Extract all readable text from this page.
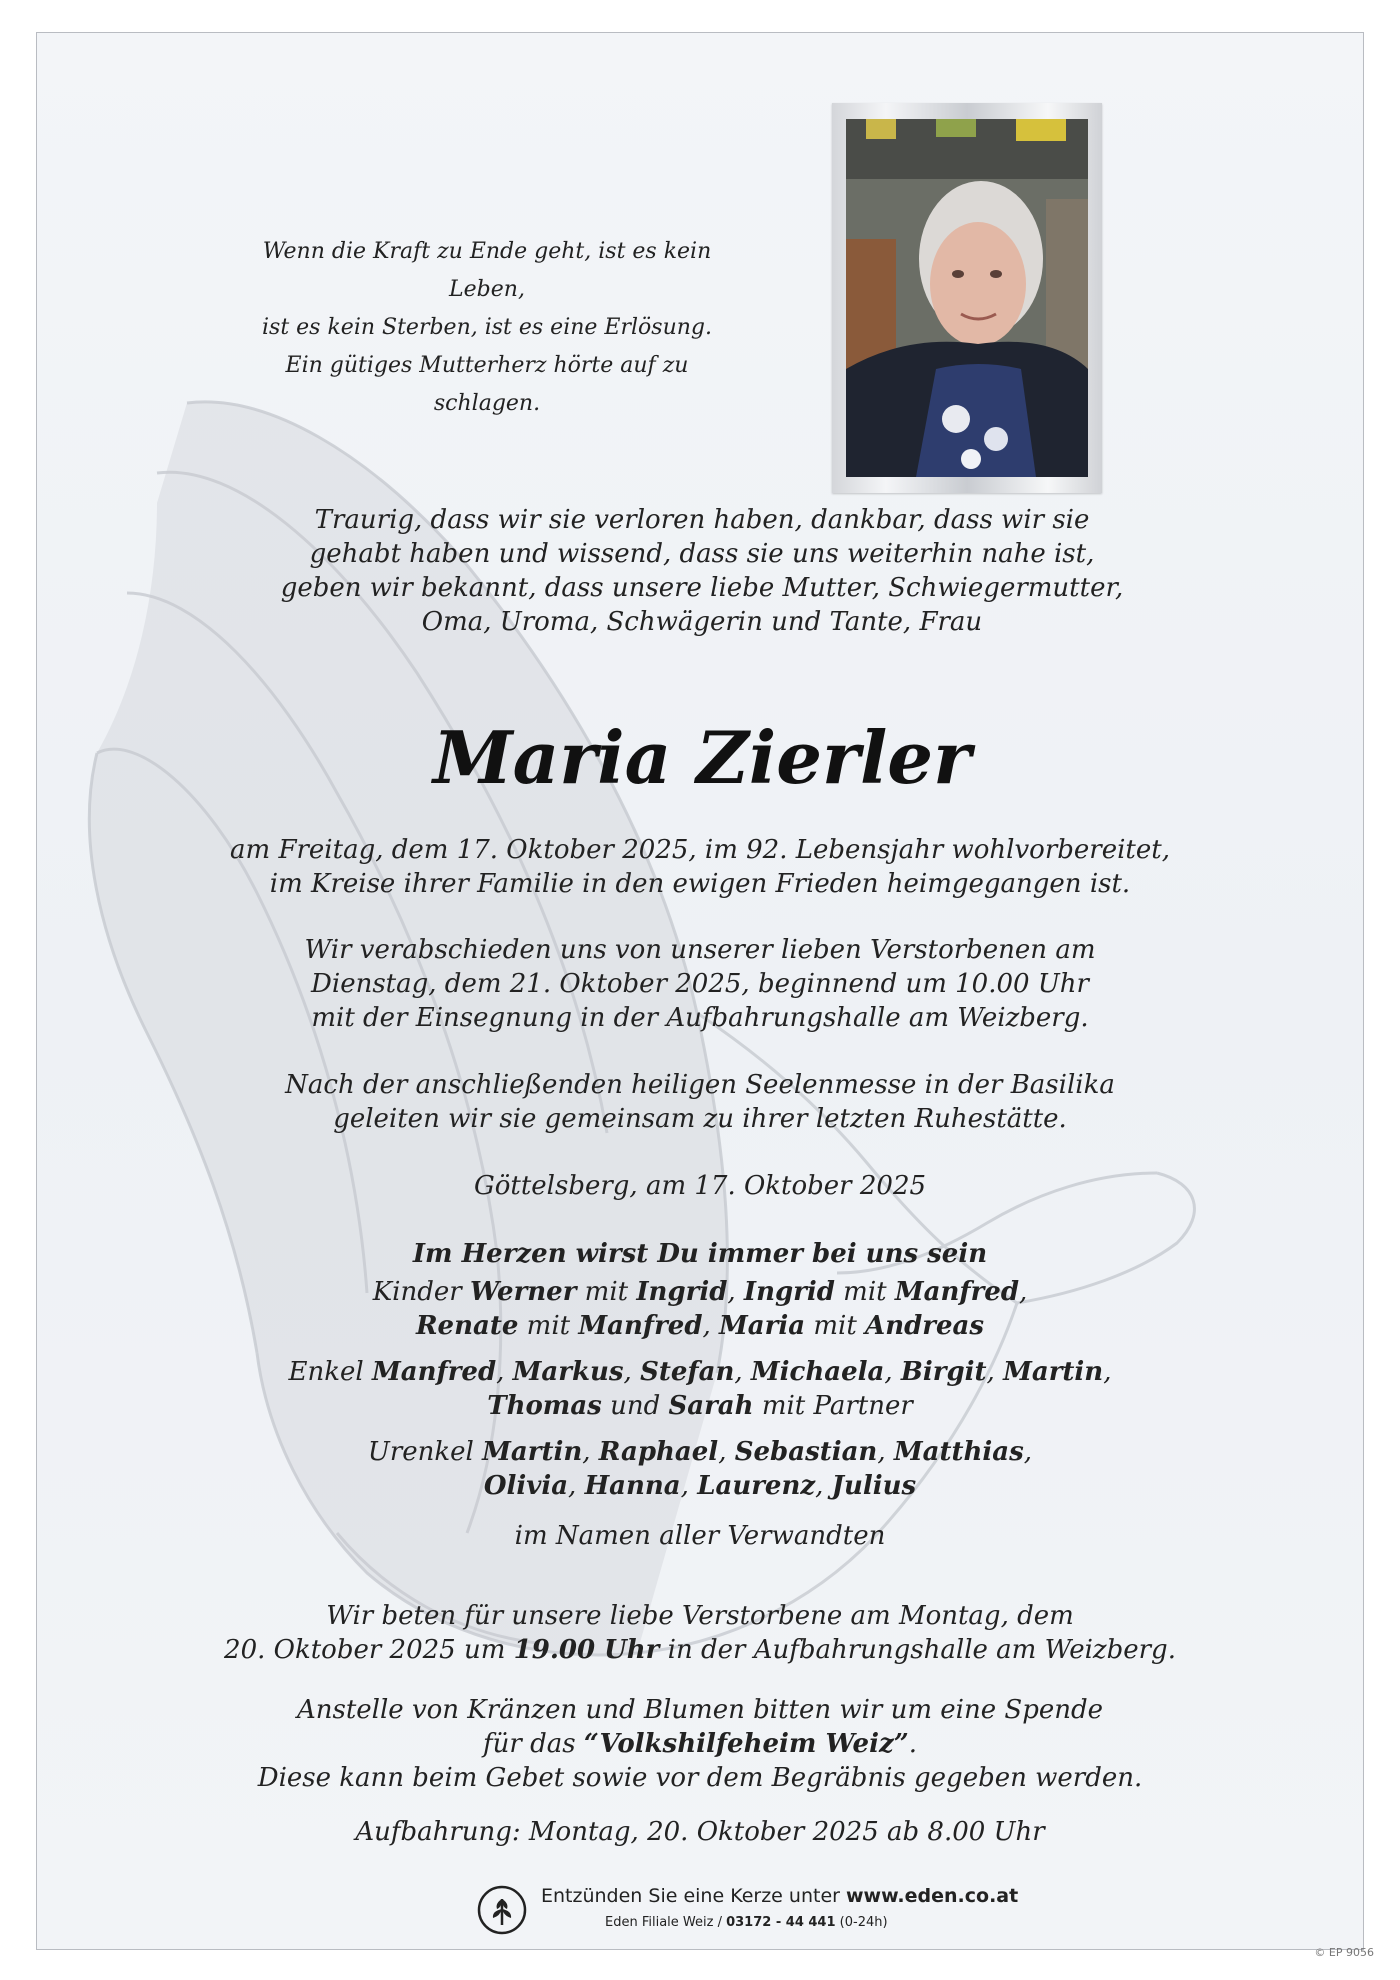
Wenn die Kraft zu Ende geht, ist es kein Leben,
ist es kein Sterben, ist es eine Erlösung.
Ein gütiges Mutterherz hörte auf zu schlagen.
Traurig, dass wir sie verloren haben, dankbar, dass wir sie
gehabt haben und wissend, dass sie uns weiterhin nahe ist,
geben wir bekannt, dass unsere liebe Mutter, Schwiegermutter,
Oma, Uroma, Schwägerin und Tante, Frau
Maria Zierler
am Freitag, dem 17. Oktober 2025, im 92. Lebensjahr wohlvorbereitet,
im Kreise ihrer Familie in den ewigen Frieden heimgegangen ist.
Wir verabschieden uns von unserer lieben Verstorbenen am
Dienstag, dem 21. Oktober 2025, beginnend um 10.00 Uhr
mit der Einsegnung in der Aufbahrungshalle am Weizberg.
Nach der anschließenden heiligen Seelenmesse in der Basilika
geleiten wir sie gemeinsam zu ihrer letzten Ruhestätte.
Göttelsberg, am 17. Oktober 2025
Im Herzen wirst Du immer bei uns sein
Kinder Werner mit Ingrid, Ingrid mit Manfred,
Renate mit Manfred, Maria mit Andreas
Enkel Manfred, Markus, Stefan, Michaela, Birgit, Martin,
Thomas und Sarah mit Partner
Urenkel Martin, Raphael, Sebastian, Matthias,
Olivia, Hanna, Laurenz, Julius
im Namen aller Verwandten
Wir beten für unsere liebe Verstorbene am Montag, dem
20. Oktober 2025 um 19.00 Uhr in der Aufbahrungshalle am Weizberg.
Anstelle von Kränzen und Blumen bitten wir um eine Spende
für das “Volkshilfeheim Weiz”.
Diese kann beim Gebet sowie vor dem Begräbnis gegeben werden.
Aufbahrung: Montag, 20. Oktober 2025 ab 8.00 Uhr
Entzünden Sie eine Kerze unter www.eden.co.at
Eden Filiale Weiz / 03172 - 44 441 (0-24h)
© EP 9056
